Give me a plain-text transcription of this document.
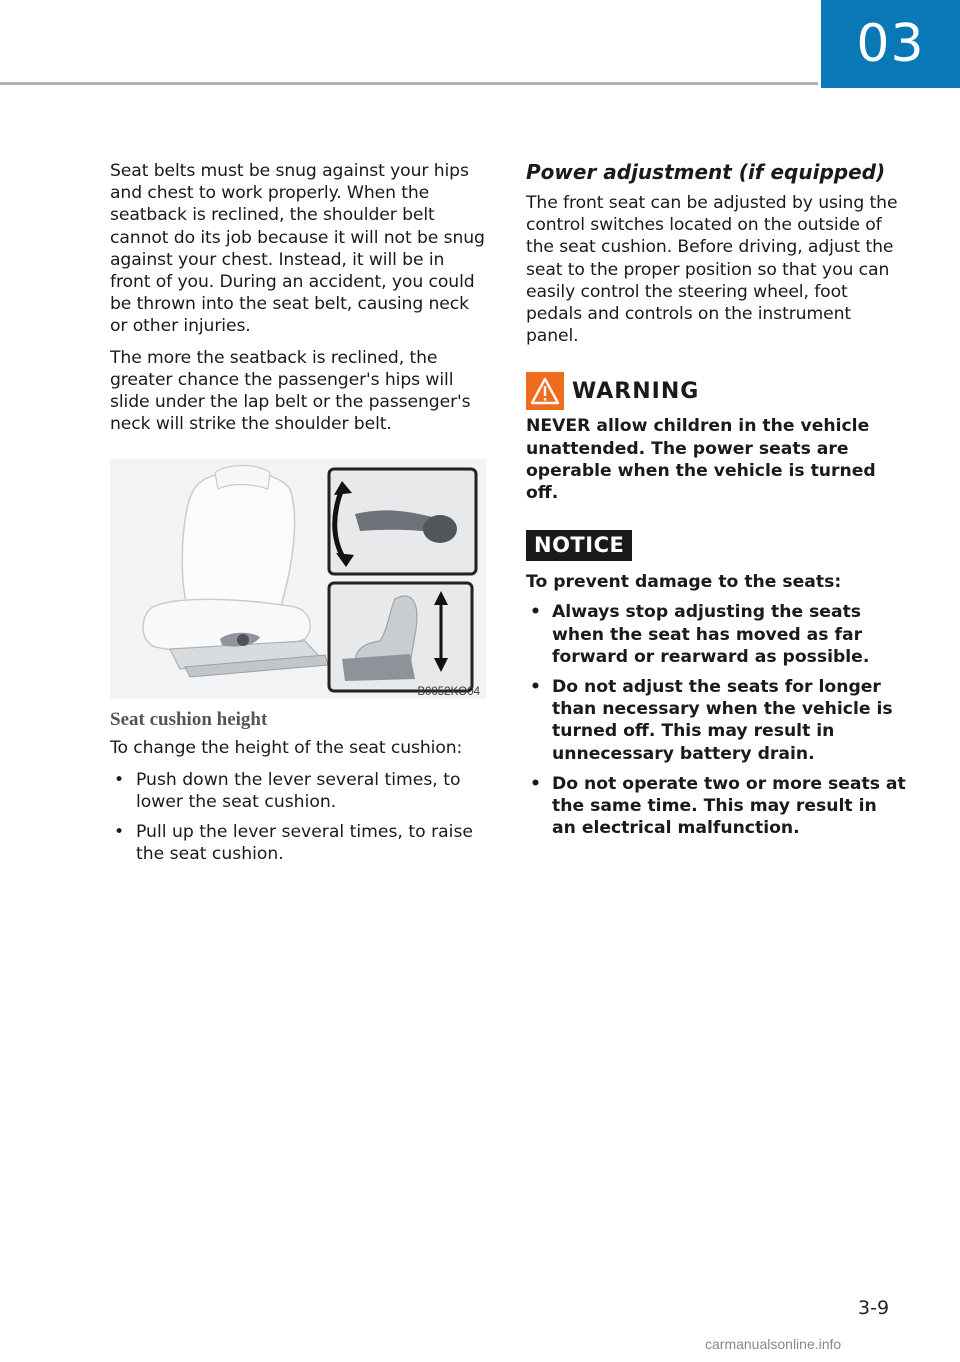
03

Seat belts must be snug against your hips and chest to work properly. When the seatback is reclined, the shoulder belt cannot do its job because it will not be snug against your chest. Instead, it will be in front of you. During an accident, you could be thrown into the seat belt, causing neck or other injuries.

The more the seatback is reclined, the greater chance the passenger's hips will slide under the lap belt or the passenger's neck will strike the shoulder belt.

B0052KO04
Seat cushion height

To change the height of the seat cushion:

• Push down the lever several times, to lower the seat cushion.
• Pull up the lever several times, to raise the seat cushion.
Power adjustment (if equipped)

The front seat can be adjusted by using the control switches located on the outside of the seat cushion. Before driving, adjust the seat to the proper position so that you can easily control the steering wheel, foot pedals and controls on the instrument panel.

WARNING

NEVER allow children in the vehicle unattended. The power seats are operable when the vehicle is turned off.

NOTICE

To prevent damage to the seats:

• Always stop adjusting the seats when the seat has moved as far forward or rearward as possible.
• Do not adjust the seats for longer than necessary when the vehicle is turned off. This may result in unnecessary battery drain.
• Do not operate two or more seats at the same time. This may result in an electrical malfunction.
3-9
carmanualsonline.info
